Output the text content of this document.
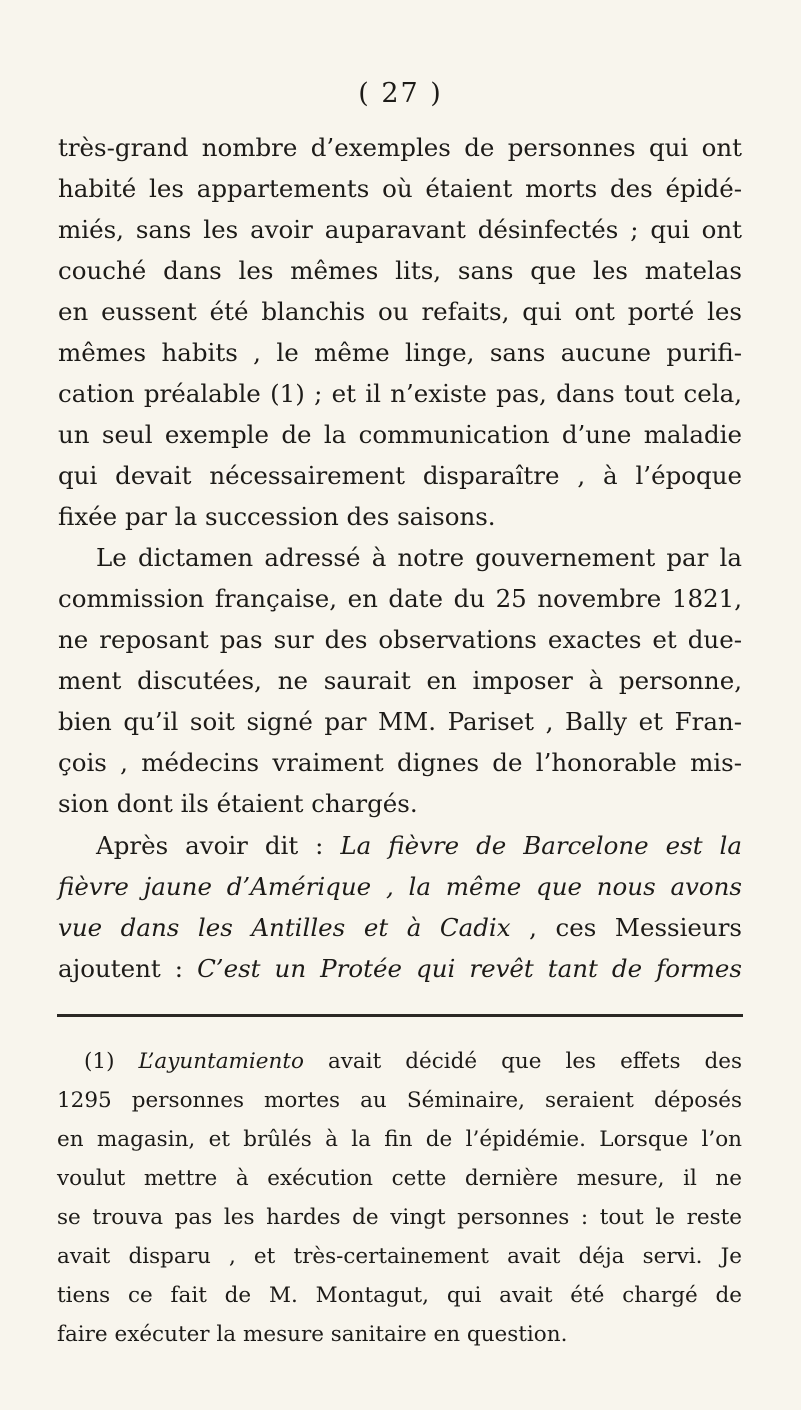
( 27 )
très-grand nombre d’exemples de personnes qui ont
habité les appartements où étaient morts des épidé-
miés, sans les avoir auparavant désinfectés ; qui ont
couché dans les mêmes lits, sans que les matelas
en eussent été blanchis ou refaits, qui ont porté les
mêmes habits , le même linge, sans aucune purifi-
cation préalable (1) ; et il n’existe pas, dans tout cela,
un seul exemple de la communication d’une maladie
qui devait nécessairement disparaître , à l’époque
fixée par la succession des saisons.
Le dictamen adressé à notre gouvernement par la
commission française, en date du 25 novembre 1821,
ne reposant pas sur des observations exactes et due-
ment discutées, ne saurait en imposer à personne,
bien qu’il soit signé par MM. Pariset , Bally et Fran-
çois , médecins vraiment dignes de l’honorable mis-
sion dont ils étaient chargés.
Après avoir dit : La fièvre de Barcelone est la
fièvre jaune d’Amérique , la même que nous avons
vue dans les Antilles et à Cadix , ces Messieurs
ajoutent : C’est un Protée qui revêt tant de formes
(1) L’ayuntamiento avait décidé que les effets des
1295 personnes mortes au Séminaire, seraient déposés
en magasin, et brûlés à la fin de l’épidémie. Lorsque l’on
voulut mettre à exécution cette dernière mesure, il ne
se trouva pas les hardes de vingt personnes : tout le reste
avait disparu , et très-certainement avait déja servi. Je
tiens ce fait de M. Montagut, qui avait été chargé de
faire exécuter la mesure sanitaire en question.
